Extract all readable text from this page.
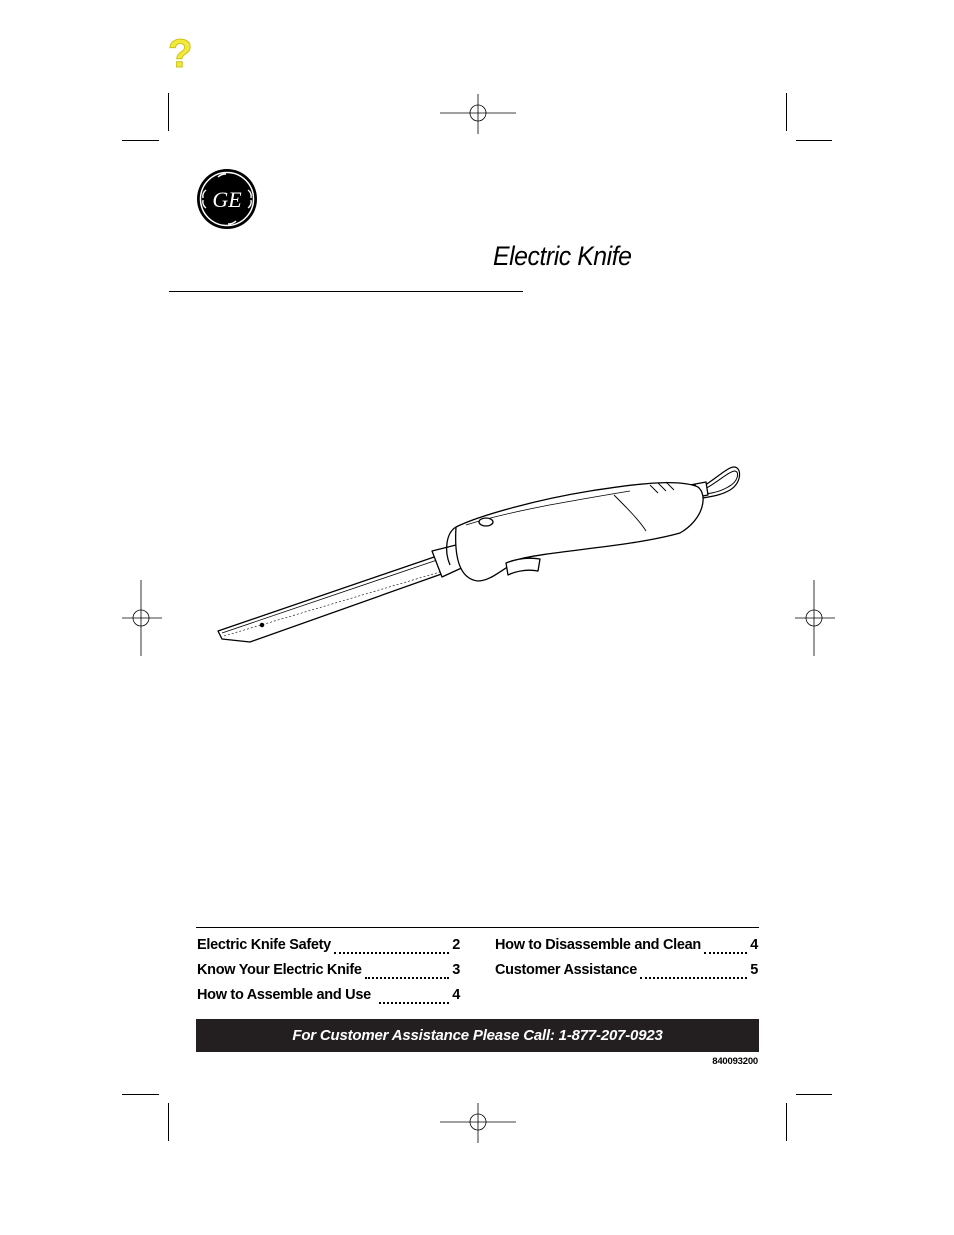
?
GE
Electric Knife
Electric Knife Safety	2
Know Your Electric Knife	3
How to Assemble and Use	4
How to Disassemble and Clean	4
Customer Assistance	5
For Customer Assistance Please Call: 1-877-207-0923
840093200
